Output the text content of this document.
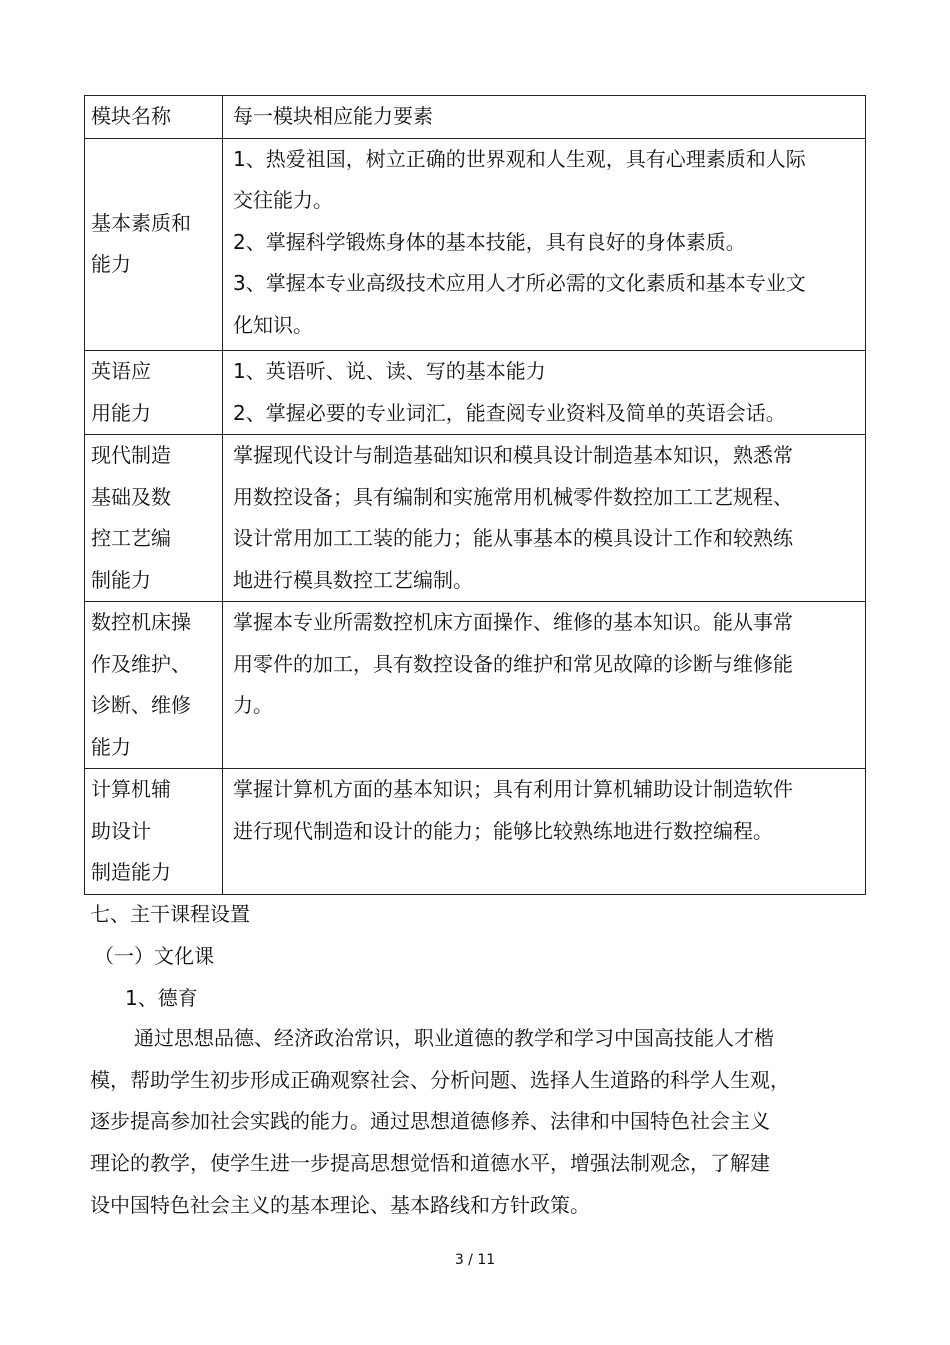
模块名称	每一模块相应能力要素

基本素质和
能力	1、热爱祖国，树立正确的世界观和人生观，具有心理素质和人际
交往能力。
2、掌握科学锻炼身体的基本技能，具有良好的身体素质。
3、掌握本专业高级技术应用人才所必需的文化素质和基本专业文
化知识。

英语应
用能力	1、英语听、说、读、写的基本能力
2、掌握必要的专业词汇，能查阅专业资料及简单的英语会话。

现代制造
基础及数
控工艺编
制能力	掌握现代设计与制造基础知识和模具设计制造基本知识，熟悉常
用数控设备；具有编制和实施常用机械零件数控加工工艺规程、
设计常用加工工装的能力；能从事基本的模具设计工作和较熟练
地进行模具数控工艺编制。

数控机床操
作及维护、
诊断、维修
能力	掌握本专业所需数控机床方面操作、维修的基本知识。能从事常
用零件的加工，具有数控设备的维护和常见故障的诊断与维修能
力。

计算机辅
助设计
制造能力	掌握计算机方面的基本知识；具有利用计算机辅助设计制造软件
进行现代制造和设计的能力；能够比较熟练地进行数控编程。
七、主干课程设置
（一）文化课
1、德育
通过思想品德、经济政治常识，职业道德的教学和学习中国高技能人才楷
模，帮助学生初步形成正确观察社会、分析问题、选择人生道路的科学人生观，
逐步提高参加社会实践的能力。通过思想道德修养、法律和中国特色社会主义
理论的教学，使学生进一步提高思想觉悟和道德水平，增强法制观念，了解建
设中国特色社会主义的基本理论、基本路线和方针政策。
3 / 11
